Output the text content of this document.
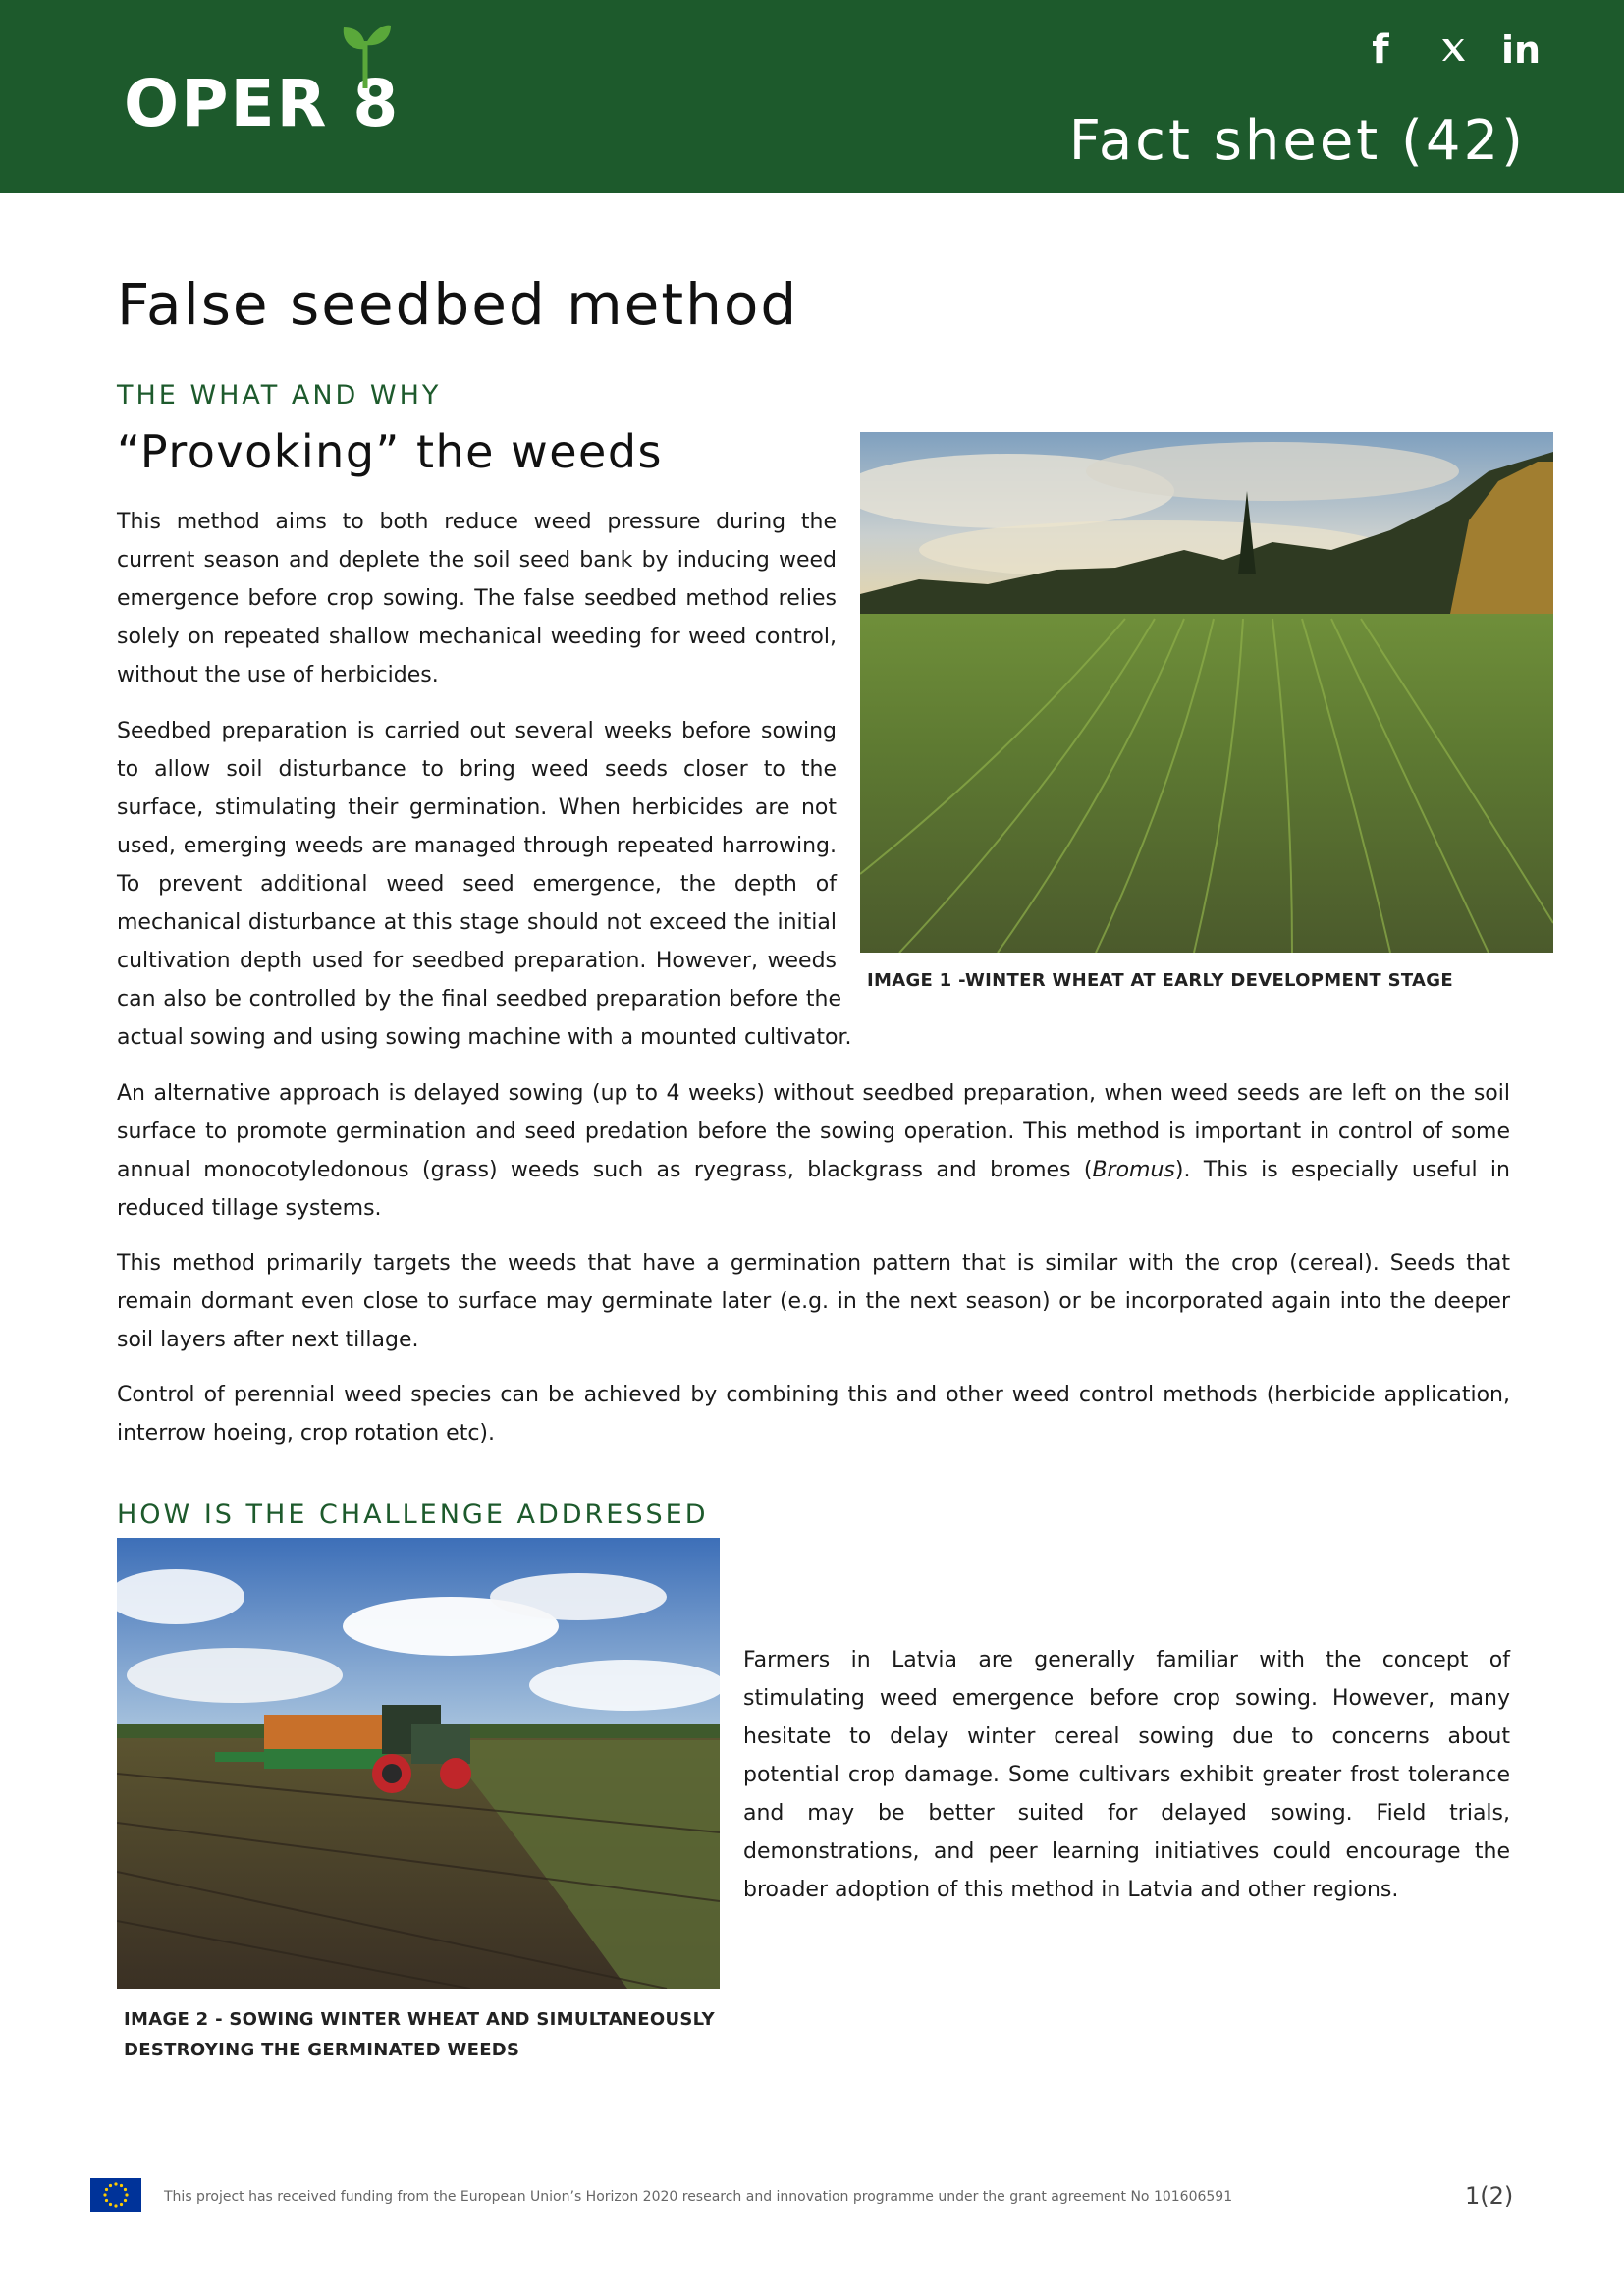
OPER 8
f	in
Fact sheet (42)
False seedbed method
THE WHAT AND WHY
“Provoking” the weeds
This method aims to both reduce weed pressure during the
current season and deplete the soil seed bank by inducing weed
emergence before crop sowing. The false seedbed method relies
solely on repeated shallow mechanical weeding for weed control,
without the use of herbicides.
Seedbed preparation is carried out several weeks before sowing
to allow soil disturbance to bring weed seeds closer to the
surface, stimulating their germination. When herbicides are not
used, emerging weeds are managed through repeated harrowing.
To prevent additional weed seed emergence, the depth of
mechanical disturbance at this stage should not exceed the initial
cultivation depth used for seedbed preparation. However, weeds
can also be controlled by the final seedbed preparation before the
actual sowing and using sowing machine with a mounted cultivator.
IMAGE 1 -WINTER WHEAT AT EARLY DEVELOPMENT STAGE
An alternative approach is delayed sowing (up to 4 weeks) without seedbed preparation, when weed seeds are left on the soil surface to promote germination and seed predation before the sowing operation. This method is important in control of some annual monocotyledonous (grass) weeds such as ryegrass, blackgrass and bromes (Bromus). This is especially useful in reduced tillage systems.
This method primarily targets the weeds that have a germination pattern that is similar with the crop (cereal). Seeds that remain dormant even close to surface may germinate later (e.g. in the next season) or be incorporated again into the deeper soil layers after next tillage.
Control of perennial weed species can be achieved by combining this and other weed control methods (herbicide application, interrow hoeing, crop rotation etc).
HOW IS THE CHALLENGE ADDRESSED
IMAGE 2 - SOWING WINTER WHEAT AND SIMULTANEOUSLY
DESTROYING THE GERMINATED WEEDS
Farmers in Latvia are generally familiar with the concept of
stimulating weed emergence before crop sowing. However, many
hesitate to delay winter cereal sowing due to concerns about
potential crop damage. Some cultivars exhibit greater frost tolerance
and may be better suited for delayed sowing. Field trials,
demonstrations, and peer learning initiatives could encourage the
broader adoption of this method in Latvia and other regions.
This project has received funding from the European Union’s Horizon 2020 research and innovation programme under the grant agreement No 101606591	1(2)
